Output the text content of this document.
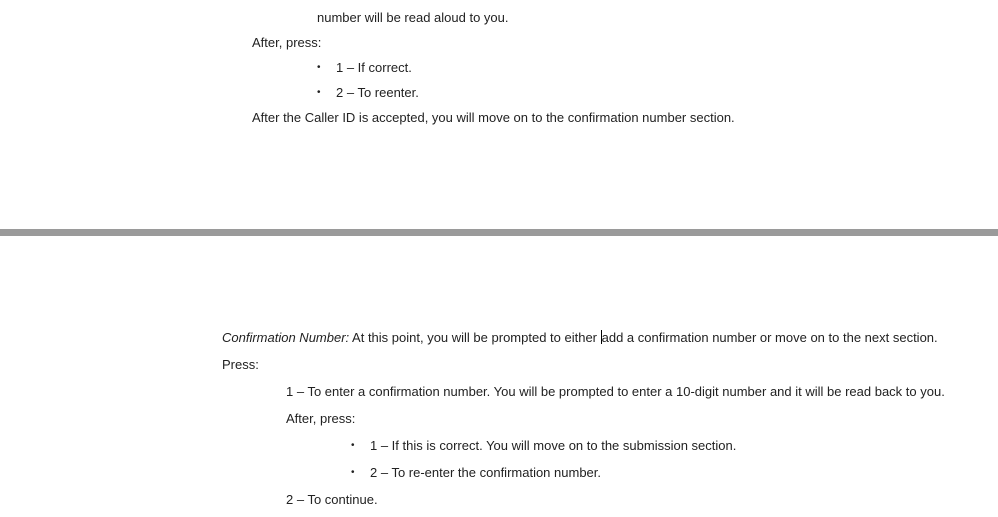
number will be read aloud to you.
After, press:
• 1 – If correct.
• 2 – To reenter.
After the Caller ID is accepted, you will move on to the confirmation number section.
Confirmation Number: At this point, you will be prompted to either add a confirmation number or move on to the next section.
Press:
1 – To enter a confirmation number. You will be prompted to enter a 10-digit number and it will be read back to you.
After, press:
• 1 – If this is correct. You will move on to the submission section.
• 2 – To re-enter the confirmation number.
2 – To continue.
